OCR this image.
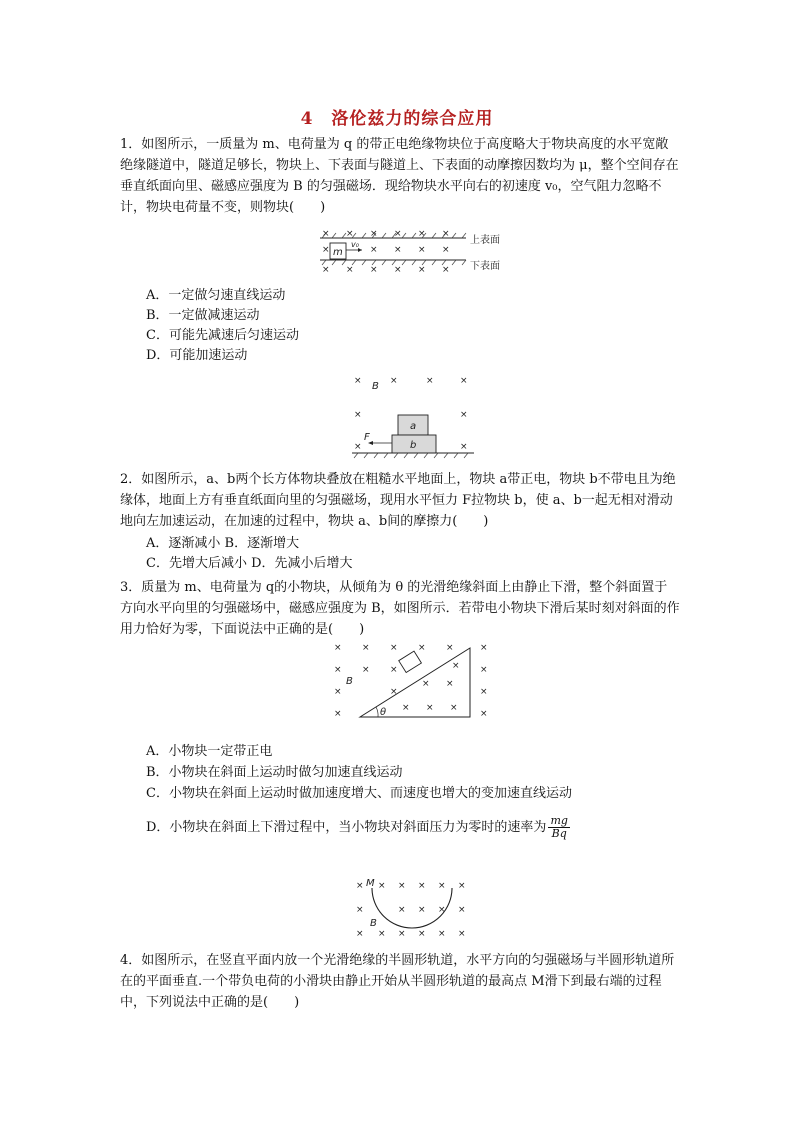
4　洛伦兹力的综合应用
1．如图所示，一质量为 m、电荷量为 q 的带正电绝缘物块位于高度略大于物块高度的水平宽敞绝缘隧道中，隧道足够长，物块上、下表面与隧道上、下表面的动摩擦因数均为 μ，整个空间存在垂直纸面向里、磁感应强度为 B 的匀强磁场．现给物块水平向右的初速度 v₀，空气阻力忽略不计，物块电荷量不变，则物块(　　)
× × × × × ×
×	× × × ×
× × × × × ×
m
v₀	上表面
下表面
A．一定做匀速直线运动
B．一定做减速运动
C．可能先减速后匀速运动
D．可能加速运动
×	×	×	×
×	×
×	×
B
a
b
F
2．如图所示，a、b两个长方体物块叠放在粗糙水平地面上，物块 a带正电，物块 b不带电且为绝缘体，地面上方有垂直纸面向里的匀强磁场，现用水平恒力 F拉物块 b，使 a、b一起无相对滑动地向左加速运动，在加速的过程中，物块 a、b间的摩擦力(　　)
A．逐渐减小 B．逐渐增大
C．先增大后减小 D．先减小后增大
3．质量为 m、电荷量为 q的小物块，从倾角为 θ 的光滑绝缘斜面上由静止下滑，整个斜面置于方向水平向里的匀强磁场中，磁感应强度为 B，如图所示．若带电小物块下滑后某时刻对斜面的作用力恰好为零，下面说法中正确的是(　　)
× × × × ×	×
× × ×	×
×	×	×
×	×
B	× ×
× × ×
×
θ
A．小物块一定带正电
B．小物块在斜面上运动时做匀加速直线运动
C．小物块在斜面上运动时做加速度增大、而速度也增大的变加速直线运动
D．小物块在斜面上下滑过程中，当小物块对斜面压力为零时的速率为 $\frac{mg}{Bq}$
× × × × × ×
×	× × × ×
× × × × × ×
M
B
4．如图所示，在竖直平面内放一个光滑绝缘的半圆形轨道，水平方向的匀强磁场与半圆形轨道所在的平面垂直.一个带负电荷的小滑块由静止开始从半圆形轨道的最高点 M滑下到最右端的过程中，下列说法中正确的是(　　)
